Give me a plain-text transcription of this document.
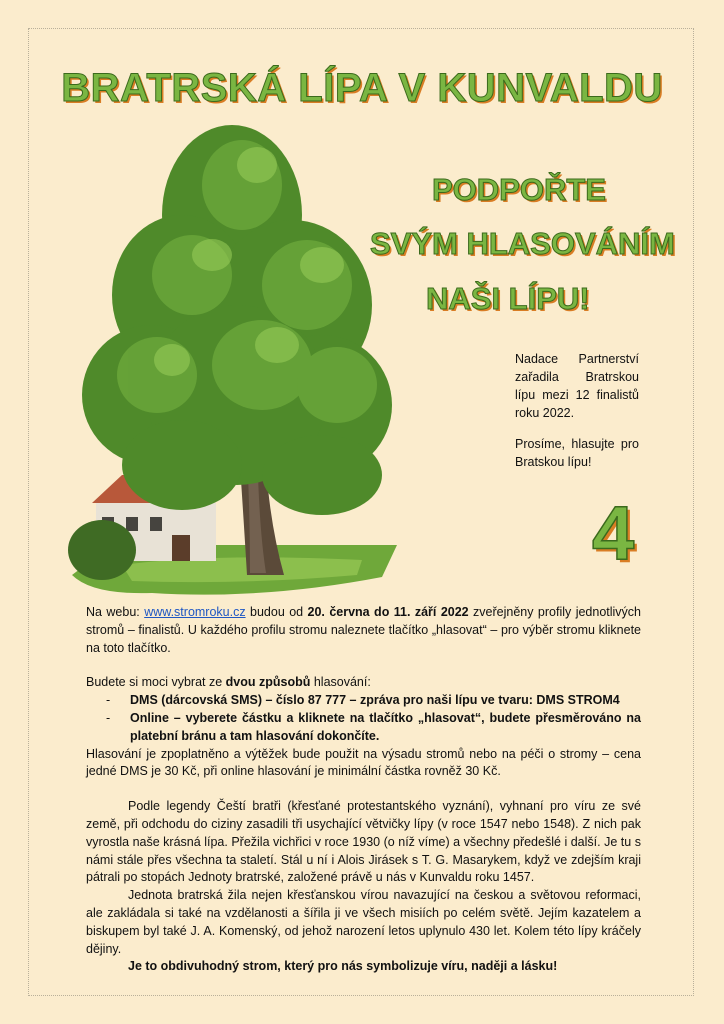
BRATRSKÁ LÍPA V KUNVALDU
PODPOŘTE
SVÝM HLASOVÁNÍM
NAŠI LÍPU!

Nadace Partnerství zařadila Bratrskou lípu mezi 12 finalistů roku 2022.

Prosíme, hlasujte pro Bratskou lípu!

4

Na webu: www.stromroku.cz budou od 20. června do 11. září 2022 zveřejněny profily jednotlivých stromů – finalistů. U každého profilu stromu naleznete tlačítko „hlasovat“ – pro výběr stromu kliknete na toto tlačítko.

Budete si moci vybrat ze dvou způsobů hlasování:

-	DMS (dárcovská SMS) – číslo 87 777 – zpráva pro naši lípu ve tvaru: DMS STROM4
-	Online – vyberete částku a kliknete na tlačítko „hlasovat“, budete přesměrováno na platební bránu a tam hlasování dokončíte.

Hlasování je zpoplatněno a výtěžek bude použit na výsadu stromů nebo na péči o stromy – cena jedné DMS je 30 Kč, při online hlasování je minimální částka rovněž 30 Kč.

Podle legendy Čeští bratři (křesťané protestantského vyznání), vyhnaní pro víru ze své země, při odchodu do ciziny zasadili tři usychající větvičky lípy (v roce 1547 nebo 1548). Z nich pak vyrostla naše krásná lípa. Přežila vichřici v roce 1930 (o níž víme) a všechny předešlé i další. Je tu s námi stále přes všechna ta staletí. Stál u ní i Alois Jirásek s T. G. Masarykem, když ve zdejším kraji pátrali po stopách Jednoty bratrské, založené právě u nás v Kunvaldu roku 1457.

Jednota bratrská žila nejen křesťanskou vírou navazující na českou a světovou reformaci, ale zakládala si také na vzdělanosti a šířila ji ve všech misiích po celém světě. Jejím kazatelem a biskupem byl také J. A. Komenský, od jehož narození letos uplynulo 430 let. Kolem této lípy kráčely dějiny.

Je to obdivuhodný strom, který pro nás symbolizuje víru, naději a lásku!
